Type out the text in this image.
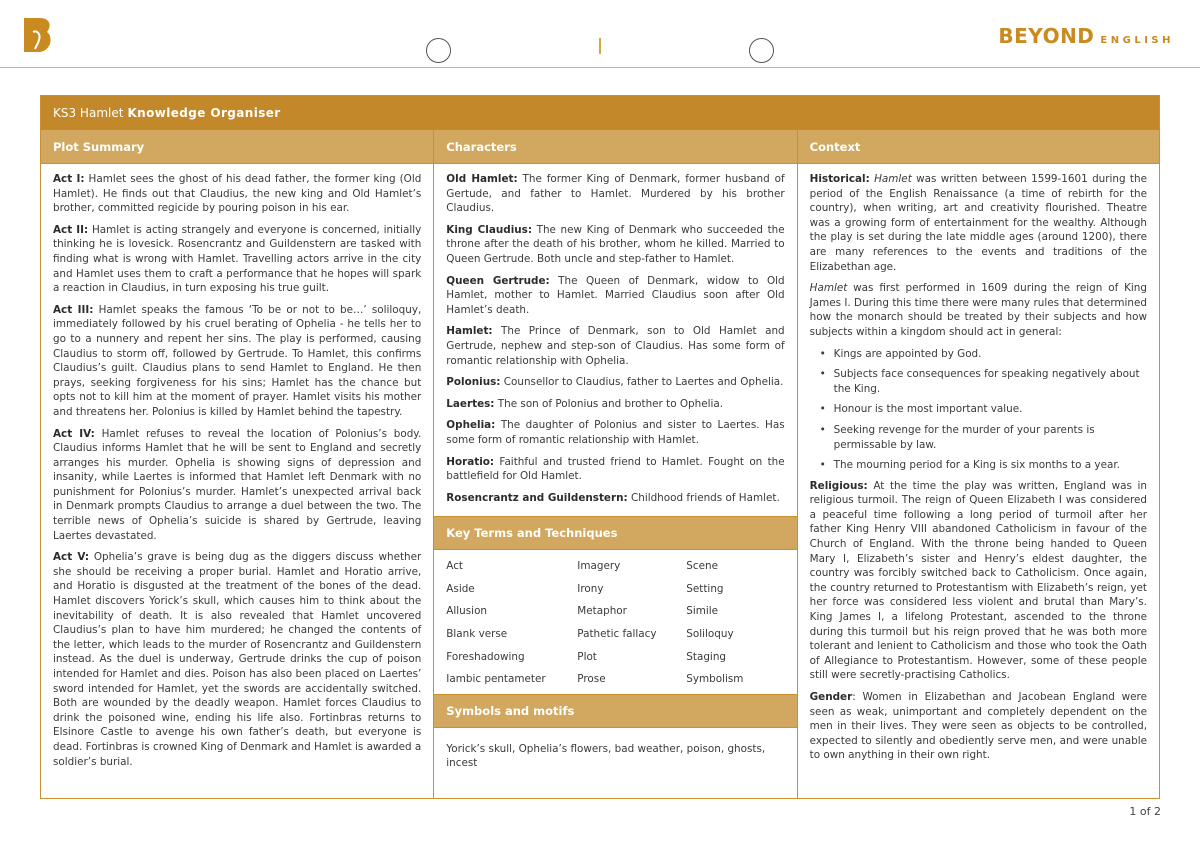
BEYOND ENGLISH
KS3 Hamlet Knowledge Organiser
Plot Summary

Act I: Hamlet sees the ghost of his dead father, the former king (Old Hamlet). He finds out that Claudius, the new king and Old Hamlet’s brother, committed regicide by pouring poison in his ear.

Act II: Hamlet is acting strangely and everyone is concerned, initially thinking he is lovesick. Rosencrantz and Guildenstern are tasked with finding what is wrong with Hamlet. Travelling actors arrive in the city and Hamlet uses them to craft a performance that he hopes will spark a reaction in Claudius, in turn exposing his true guilt.

Act III: Hamlet speaks the famous ‘To be or not to be…’ soliloquy, immediately followed by his cruel berating of Ophelia - he tells her to go to a nunnery and repent her sins. The play is performed, causing Claudius to storm off, followed by Gertrude. To Hamlet, this confirms Claudius’s guilt. Claudius plans to send Hamlet to England. He then prays, seeking forgiveness for his sins; Hamlet has the chance but opts not to kill him at the moment of prayer. Hamlet visits his mother and threatens her. Polonius is killed by Hamlet behind the tapestry.

Act IV: Hamlet refuses to reveal the location of Polonius’s body. Claudius informs Hamlet that he will be sent to England and secretly arranges his murder. Ophelia is showing signs of depression and insanity, while Laertes is informed that Hamlet left Denmark with no punishment for Polonius’s murder. Hamlet’s unexpected arrival back in Denmark prompts Claudius to arrange a duel between the two. The terrible news of Ophelia’s suicide is shared by Gertrude, leaving Laertes devastated.

Act V: Ophelia’s grave is being dug as the diggers discuss whether she should be receiving a proper burial. Hamlet and Horatio arrive, and Horatio is disgusted at the treatment of the bones of the dead. Hamlet discovers Yorick’s skull, which causes him to think about the inevitability of death. It is also revealed that Hamlet uncovered Claudius’s plan to have him murdered; he changed the contents of the letter, which leads to the murder of Rosencrantz and Guildenstern instead. As the duel is underway, Gertrude drinks the cup of poison intended for Hamlet and dies. Poison has also been placed on Laertes’ sword intended for Hamlet, yet the swords are accidentally switched. Both are wounded by the deadly weapon. Hamlet forces Claudius to drink the poisoned wine, ending his life also. Fortinbras returns to Elsinore Castle to avenge his own father’s death, but everyone is dead. Fortinbras is crowned King of Denmark and Hamlet is awarded a soldier’s burial.

Characters

Old Hamlet: The former King of Denmark, former husband of Gertude, and father to Hamlet. Murdered by his brother Claudius.

King Claudius: The new King of Denmark who succeeded the throne after the death of his brother, whom he killed. Married to Queen Gertrude. Both uncle and step-father to Hamlet.

Queen Gertrude: The Queen of Denmark, widow to Old Hamlet, mother to Hamlet. Married Claudius soon after Old Hamlet’s death.

Hamlet: The Prince of Denmark, son to Old Hamlet and Gertrude, nephew and step-son of Claudius. Has some form of romantic relationship with Ophelia.

Polonius: Counsellor to Claudius, father to Laertes and Ophelia.

Laertes: The son of Polonius and brother to Ophelia.

Ophelia: The daughter of Polonius and sister to Laertes. Has some form of romantic relationship with Hamlet.

Horatio: Faithful and trusted friend to Hamlet. Fought on the battlefield for Old Hamlet.

Rosencrantz and Guildenstern: Childhood friends of Hamlet.

Key Terms and Techniques
Act	Imagery	Scene
Aside	Irony	Setting
Allusion	Metaphor	Simile
Blank verse	Pathetic fallacy	Soliloquy
Foreshadowing	Plot	Staging
Iambic pentameter	Prose	Symbolism
Symbols and motifs

Yorick’s skull, Ophelia’s flowers, bad weather, poison, ghosts, incest

Context

Historical: Hamlet was written between 1599-1601 during the period of the English Renaissance (a time of rebirth for the country), when writing, art and creativity flourished. Theatre was a growing form of entertainment for the wealthy. Although the play is set during the late middle ages (around 1200), there are many references to the events and traditions of the Elizabethan age.

Hamlet was first performed in 1609 during the reign of King James I. During this time there were many rules that determined how the monarch should be treated by their subjects and how subjects within a kingdom should act in general:

• Kings are appointed by God.
• Subjects face consequences for speaking negatively about the King.
• Honour is the most important value.
• Seeking revenge for the murder of your parents is permissable by law.
• The mourning period for a King is six months to a year.

Religious: At the time the play was written, England was in religious turmoil. The reign of Queen Elizabeth I was considered a peaceful time following a long period of turmoil after her father King Henry VIII abandoned Catholicism in favour of the Church of England. With the throne being handed to Queen Mary I, Elizabeth’s sister and Henry’s eldest daughter, the country was forcibly switched back to Catholicism. Once again, the country returned to Protestantism with Elizabeth’s reign, yet her force was considered less violent and brutal than Mary’s. King James I, a lifelong Protestant, ascended to the throne during this turmoil but his reign proved that he was both more tolerant and lenient to Catholicism and those who took the Oath of Allegiance to Protestantism. However, some of these people still were secretly-practising Catholics.

Gender: Women in Elizabethan and Jacobean England were seen as weak, unimportant and completely dependent on the men in their lives. They were seen as objects to be controlled, expected to silently and obediently serve men, and were unable to own anything in their own right.

1 of 2
